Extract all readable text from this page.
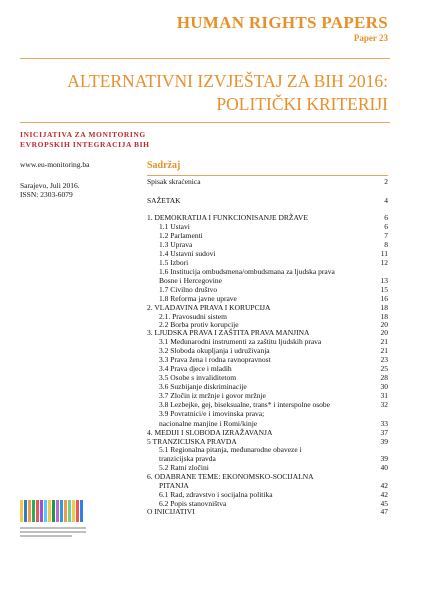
HUMAN RIGHTS PAPERS
Paper 23
ALTERNATIVNI IZVJEŠTAJ ZA BIH 2016:
POLITIČKI KRITERIJI
INICIJATIVA ZA MONITORING
EVROPSKIH INTEGRACIJA BIH
www.eu-monitoring.ba
Sarajevo, Juli 2016.
ISSN: 2303-6079
Sadržaj
Spisak skraćenica	2
SAŽETAK	4
1. DEMOKRATIJA I FUNKCIONISANJE DRŽAVE	6
1.1 Ustavi	6
1.2 Parlamenti	7
1.3 Uprava	8
1.4 Ustavni sudovi	11
1.5 Izbori	12
1.6 Institucija ombudsmena/ombudsmana za ljudska prava
Bosne i Hercegovine	13
1.7 Civilno društvo	15
1.8 Reforma javne uprave	16
2. VLADAVINA PRAVA I KORUPCIJA	18
2.1. Pravosudni sistem	18
2.2 Borba protiv korupcije	20
3. LJUDSKA PRAVA I ZAŠTITA PRAVA MANJINA	20
3.1 Međunarodni instrumenti za zaštitu ljudskih prava	21
3.2 Sloboda okupljanja i udruživanja	21
3.3 Prava žena i rodna ravnopravnost	23
3.4 Prava djece i mladih	25
3.5 Osobe s invaliditetom	28
3.6 Suzbijanje diskriminacije	30
3.7 Zločin iz mržnje i govor mržnje	31
3.8 Lezbejke, gej, biseksualne, trans* i interspolne osobe	32
3.9 Povratnici/e i imovinska prava;
nacionalne manjine i Romi/kinje	33
4. MEDIJI I SLOBODA IZRAŽAVANJA	37
5 TRANZICIJSKA PRAVDA	39
5.1 Regionalna pitanja, međunarodne obaveze i
tranzicijska pravda	39
5.2 Ratni zločini	40
6. ODABRANE TEME: EKONOMSKO-SOCIJALNA
PITANJA	42
6.1 Rad, zdravstvo i socijalna politika	42
6.2 Popis stanovništva	45
O INICIJATIVI	47
